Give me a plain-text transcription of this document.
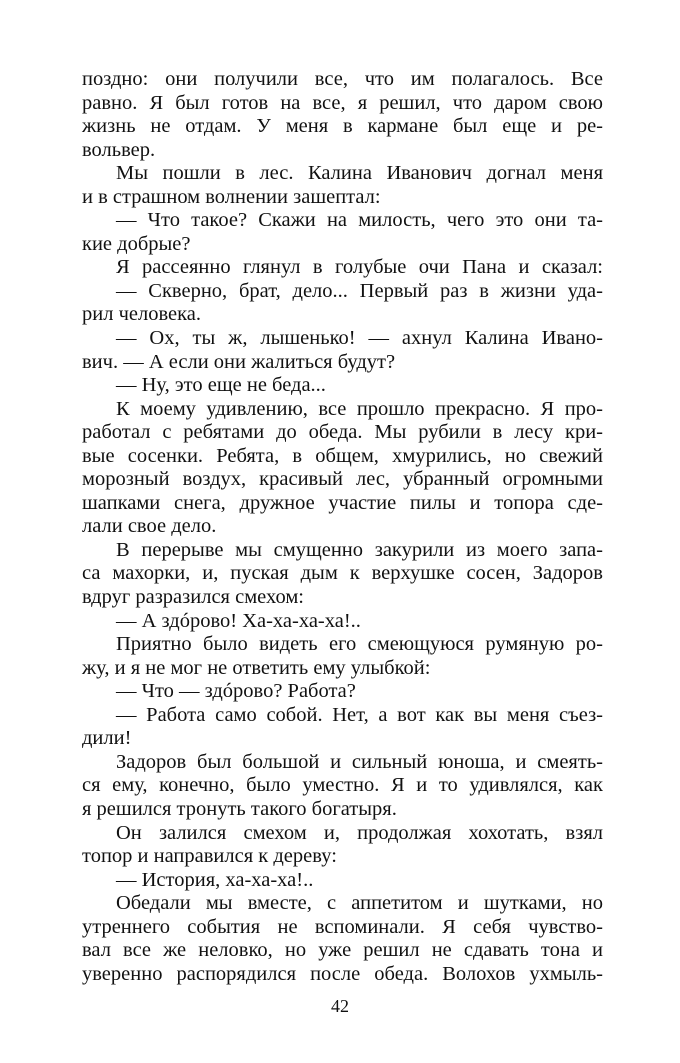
поздно: они получили все, что им полагалось. Все
равно. Я был готов на все, я решил, что даром свою
жизнь не отдам. У меня в кармане был еще и ре-
вольвер.
Мы пошли в лес. Калина Иванович догнал меня
и в страшном волнении зашептал:
— Что такое? Скажи на милость, чего это они та-
кие добрые?
Я рассеянно глянул в голубые очи Пана и сказал:
— Скверно, брат, дело... Первый раз в жизни уда-
рил человека.
— Ох, ты ж, лышенько! — ахнул Калина Ивано-
вич. — А если они жалиться будут?
— Ну, это еще не беда...
К моему удивлению, все прошло прекрасно. Я про-
работал с ребятами до обеда. Мы рубили в лесу кри-
вые сосенки. Ребята, в общем, хмурились, но свежий
морозный воздух, красивый лес, убранный огромными
шапками снега, дружное участие пилы и топора сде-
лали свое дело.
В перерыве мы смущенно закурили из моего запа-
са махорки, и, пуская дым к верхушке сосен, Задоров
вдруг разразился смехом:
— А здóрово! Ха-ха-ха-ха!..
Приятно было видеть его смеющуюся румяную ро-
жу, и я не мог не ответить ему улыбкой:
— Что — здóрово? Работа?
— Работа само собой. Нет, а вот как вы меня съез-
дили!
Задоров был большой и сильный юноша, и смеять-
ся ему, конечно, было уместно. Я и то удивлялся, как
я решился тронуть такого богатыря.
Он залился смехом и, продолжая хохотать, взял
топор и направился к дереву:
— История, ха-ха-ха!..
Обедали мы вместе, с аппетитом и шутками, но
утреннего события не вспоминали. Я себя чувство-
вал все же неловко, но уже решил не сдавать тона и
уверенно распорядился после обеда. Волохов ухмыль-
42
